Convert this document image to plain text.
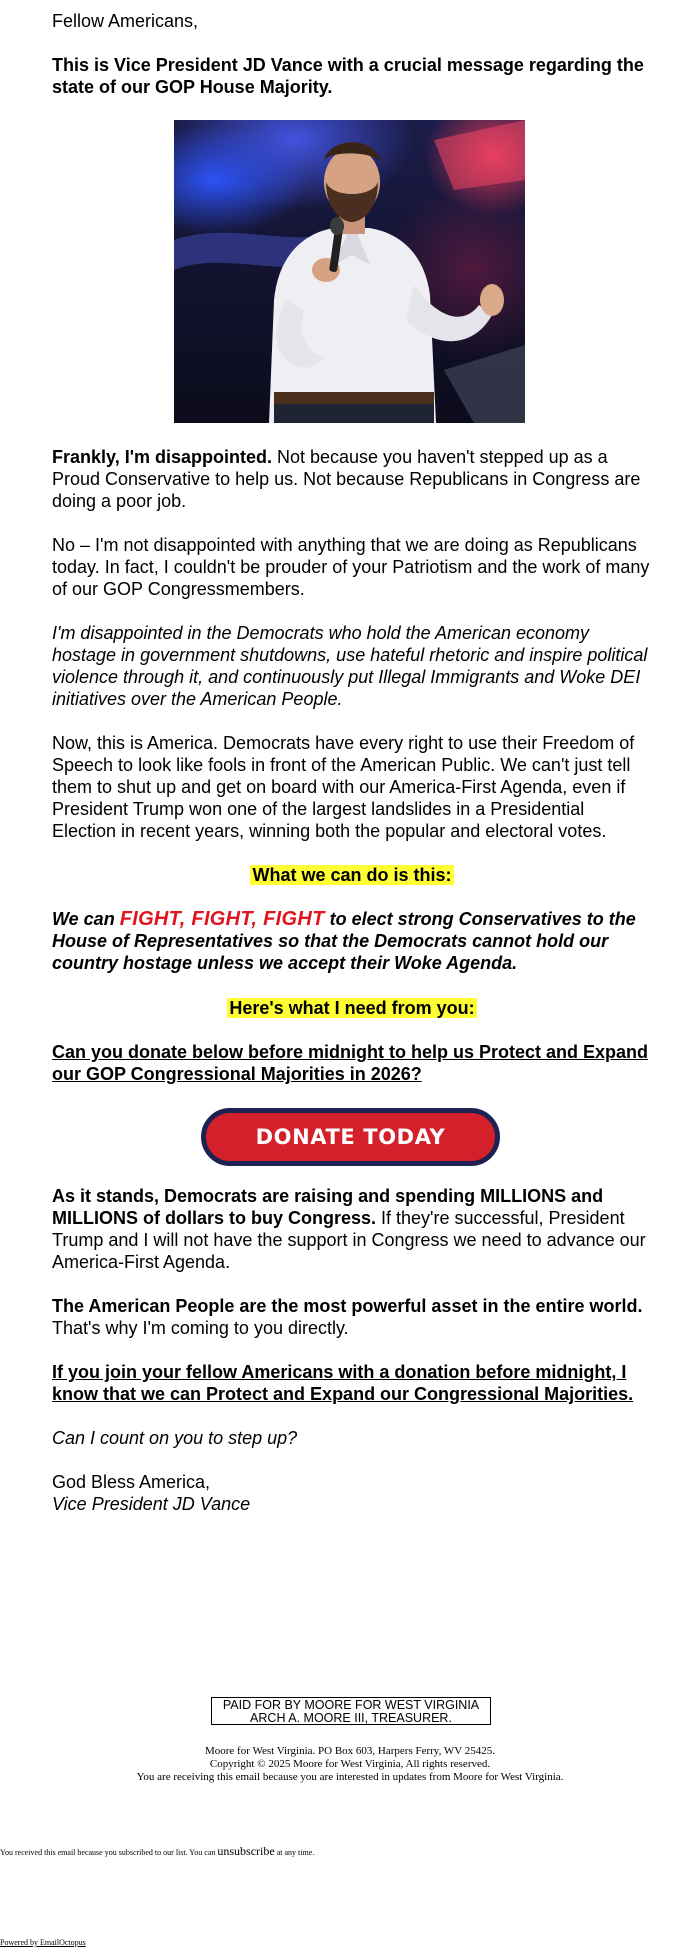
Fellow Americans,

This is Vice President JD Vance with a crucial message regarding the state of our GOP House Majority.

Frankly, I'm disappointed. Not because you haven't stepped up as a Proud Conservative to help us. Not because Republicans in Congress are doing a poor job.

No – I'm not disappointed with anything that we are doing as Republicans today. In fact, I couldn't be prouder of your Patriotism and the work of many of our GOP Congressmembers.

I'm disappointed in the Democrats who hold the American economy hostage in government shutdowns, use hateful rhetoric and inspire political violence through it, and continuously put Illegal Immigrants and Woke DEI initiatives over the American People.

Now, this is America. Democrats have every right to use their Freedom of Speech to look like fools in front of the American Public. We can't just tell them to shut up and get on board with our America-First Agenda, even if President Trump won one of the largest landslides in a Presidential Election in recent years, winning both the popular and electoral votes.

What we can do is this:

We can FIGHT, FIGHT, FIGHT to elect strong Conservatives to the House of Representatives so that the Democrats cannot hold our country hostage unless we accept their Woke Agenda.

Here's what I need from you:

Can you donate below before midnight to help us Protect and Expand our GOP Congressional Majorities in 2026?

DONATE TODAY

As it stands, Democrats are raising and spending MILLIONS and MILLIONS of dollars to buy Congress. If they're successful, President Trump and I will not have the support in Congress we need to advance our America-First Agenda.

The American People are the most powerful asset in the entire world. That's why I'm coming to you directly.

If you join your fellow Americans with a donation before midnight, I know that we can Protect and Expand our Congressional Majorities.

Can I count on you to step up?

God Bless America,

Vice President JD Vance

PAID FOR BY MOORE FOR WEST VIRGINIA
ARCH A. MOORE III, TREASURER.
Moore for West Virginia. PO Box 603, Harpers Ferry, WV 25425.
Copyright © 2025 Moore for West Virginia, All rights reserved.
You are receiving this email because you are interested in updates from Moore for West Virginia.
You received this email because you subscribed to our list. You can unsubscribe at any time.
Powered by EmailOctopus
